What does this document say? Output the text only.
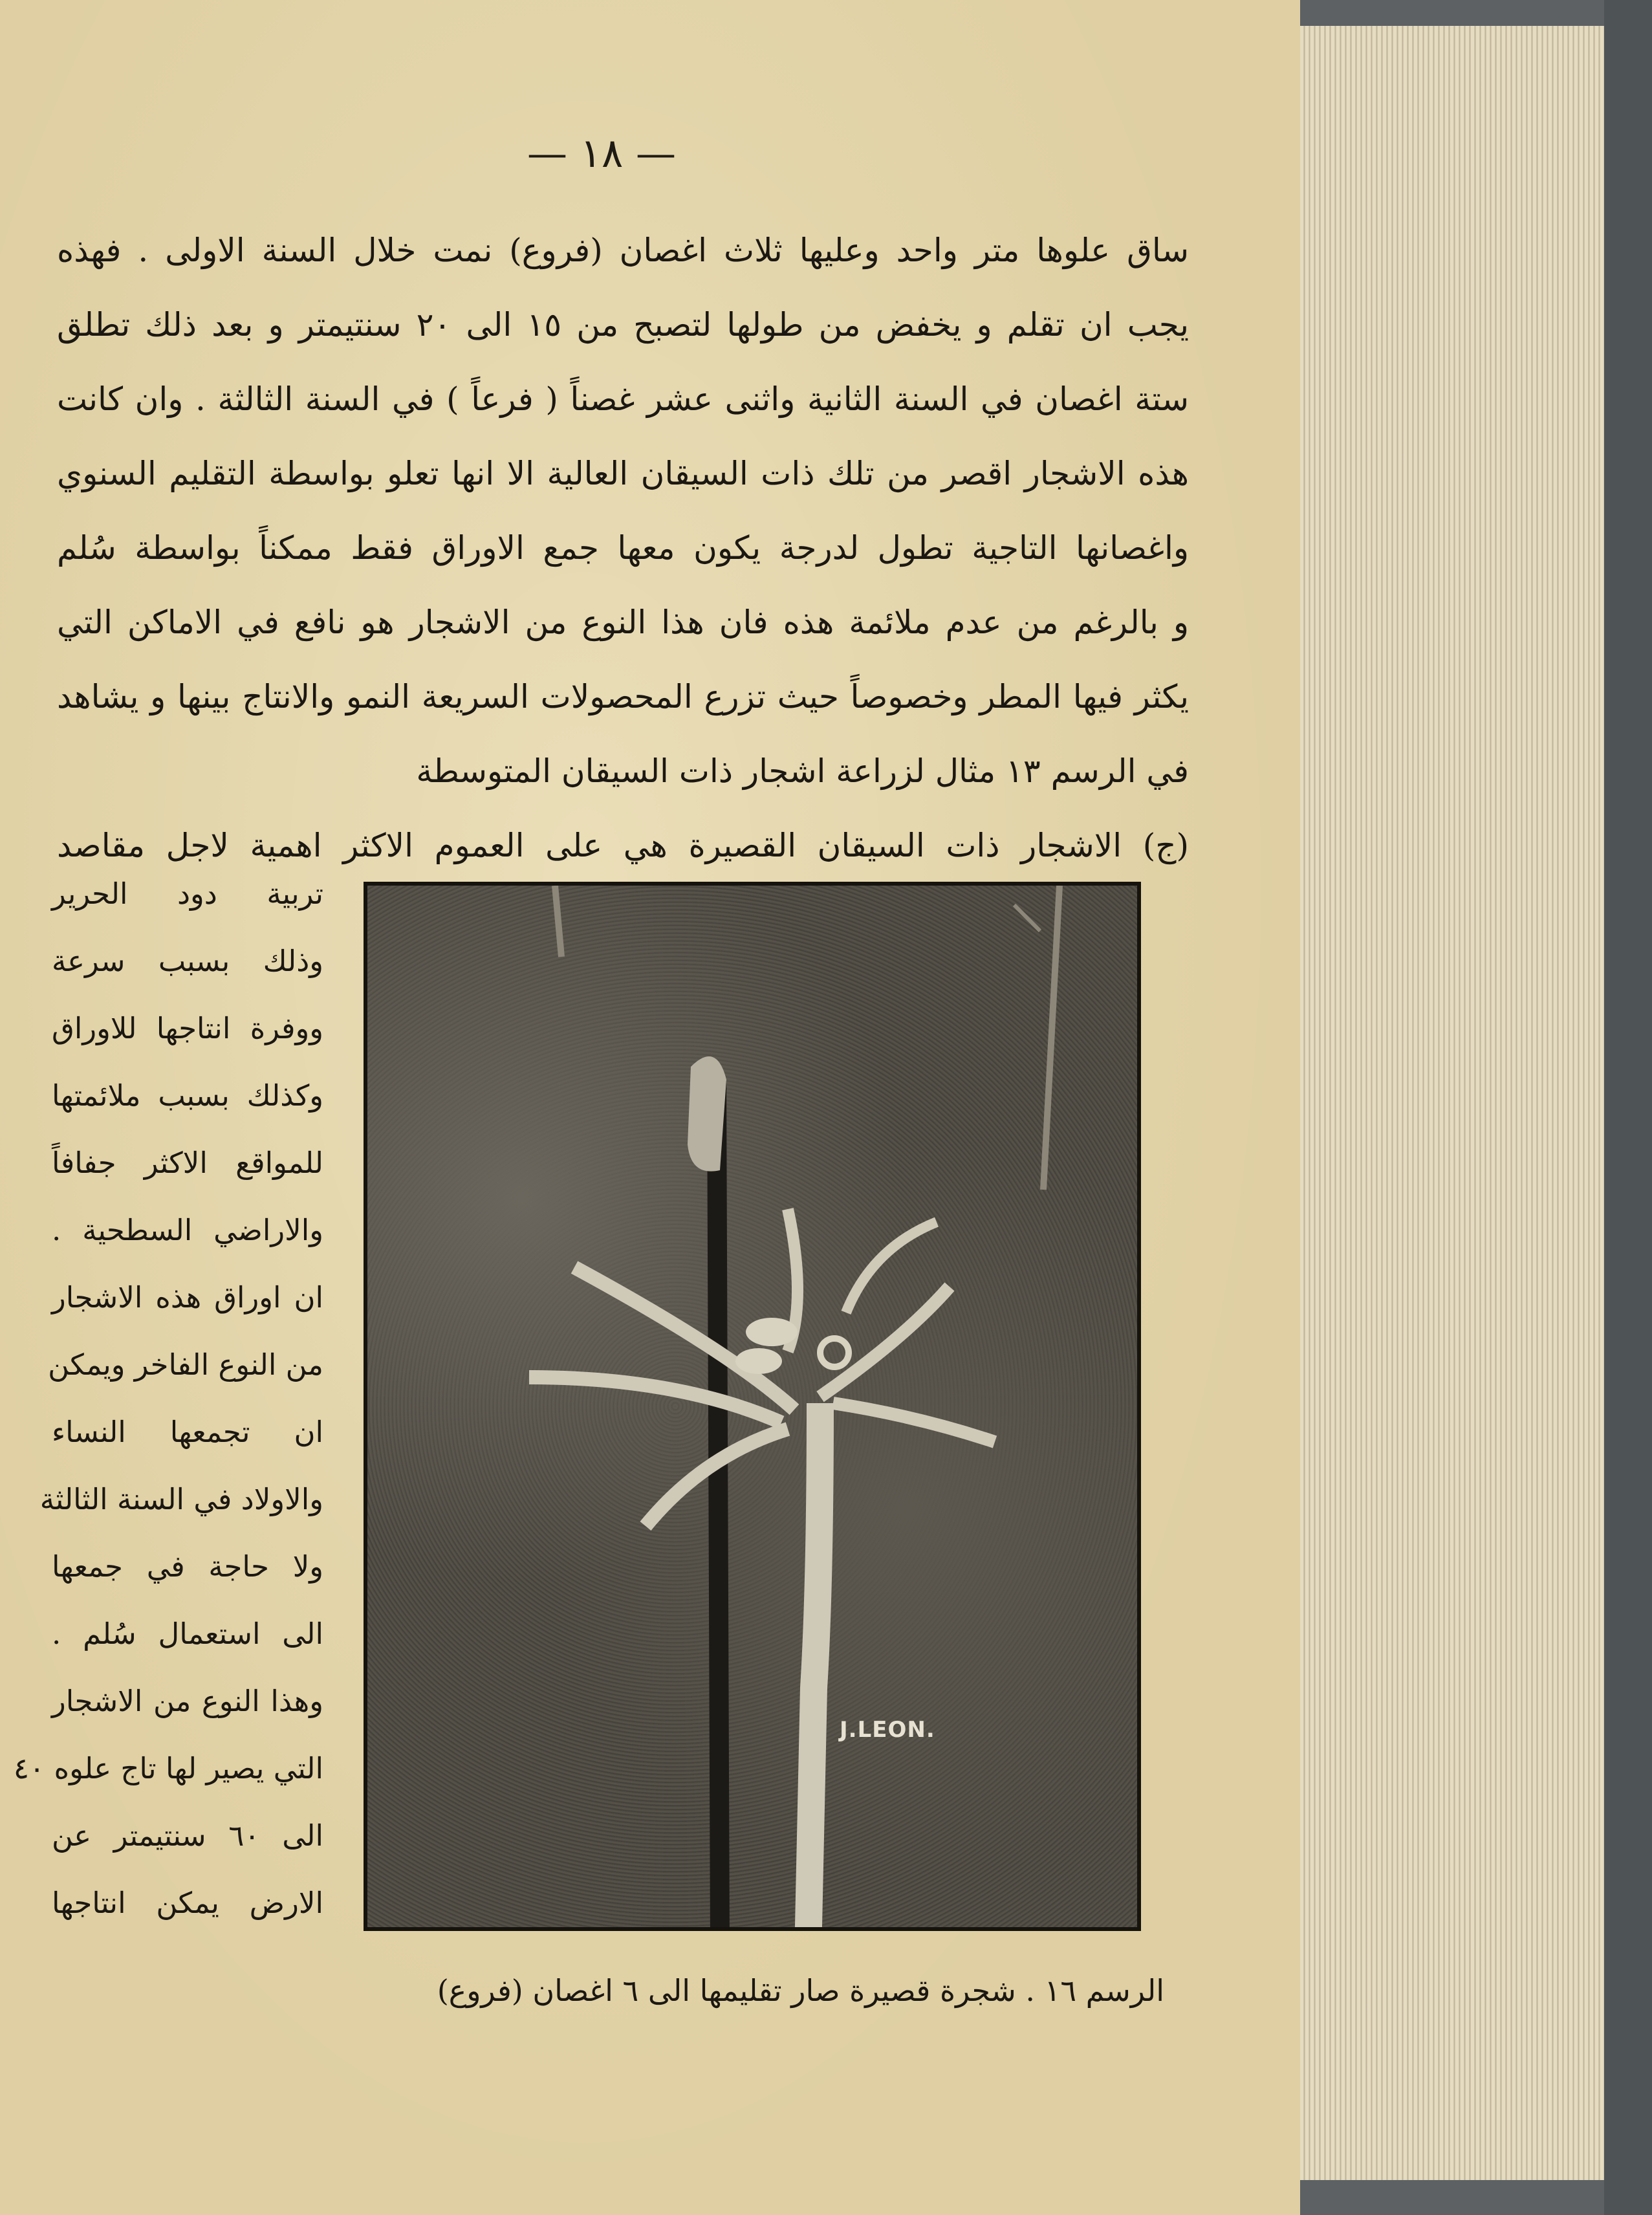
— ١٨ —
ساق علوها متر واحد وعليها ثلاث اغصان (فروع) نمت خلال السنة الاولى . فهذه
يجب ان تقلم و يخفض من طولها لتصبح من ١٥ الى ٢٠ سنتيمتر و بعد ذلك تطلق
ستة اغصان في السنة الثانية واثنى عشر غصناً ( فرعاً ) في السنة الثالثة . وان كانت
هذه الاشجار اقصر من تلك ذات السيقان العالية الا انها تعلو بواسطة التقليم السنوي
واغصانها التاجية تطول لدرجة يكون معها جمع الاوراق فقط ممكناً بواسطة سُلم
و بالرغم من عدم ملائمة هذه فان هذا النوع من الاشجار هو نافع في الاماكن التي
يكثر فيها المطر وخصوصاً حيث تزرع المحصولات السريعة النمو والانتاج بينها و يشاهد
في الرسم ١٣ مثال لزراعة اشجار ذات السيقان المتوسطة
(ج) الاشجار ذات السيقان القصيرة هي على العموم الاكثر اهمية لاجل مقاصد
تربية دود الحرير
وذلك بسبب سرعة
ووفرة انتاجها للاوراق
وكذلك بسبب ملائمتها
للمواقع الاكثر جفافاً
والاراضي السطحية .
ان اوراق هذه الاشجار
من النوع الفاخر ويمكن
ان تجمعها النساء
والاولاد في السنة الثالثة
ولا حاجة في جمعها
الى استعمال سُلم .
وهذا النوع من الاشجار
التي يصير لها تاج علوه ٤٠
الى ٦٠ سنتيمتر عن
الارض يمكن انتاجها
J.LEON.
الرسم ١٦ . شجرة قصيرة صار تقليمها الى ٦ اغصان (فروع)
